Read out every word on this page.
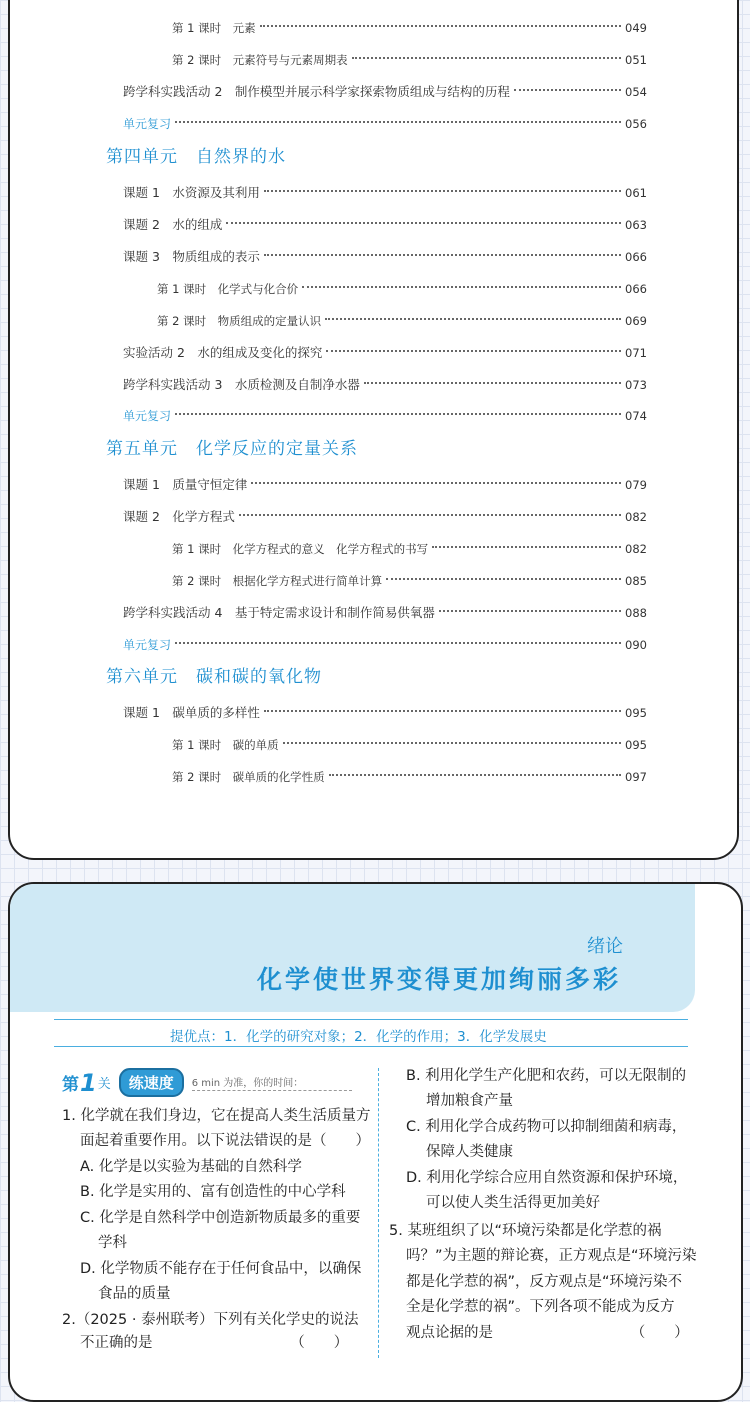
第 1 课时　元素	049
第 2 课时　元素符号与元素周期表	051
跨学科实践活动 2　制作模型并展示科学家探索物质组成与结构的历程	054
单元复习	056
第四单元　自然界的水
课题 1　水资源及其利用	061
课题 2　水的组成	063
课题 3　物质组成的表示	066
第 1 课时　化学式与化合价	066
第 2 课时　物质组成的定量认识	069
实验活动 2　水的组成及变化的探究	071
跨学科实践活动 3　水质检测及自制净水器	073
单元复习	074
第五单元　化学反应的定量关系
课题 1　质量守恒定律	079
课题 2　化学方程式	082
第 1 课时　化学方程式的意义　化学方程式的书写	082
第 2 课时　根据化学方程式进行简单计算	085
跨学科实践活动 4　基于特定需求设计和制作简易供氧器	088
单元复习	090
第六单元　碳和碳的氧化物
课题 1　碳单质的多样性	095
第 1 课时　碳的单质	095
第 2 课时　碳单质的化学性质	097
绪论
化学使世界变得更加绚丽多彩
提优点：1．化学的研究对象；2．化学的作用；3．化学发展史
第 1 关	练速度	6 min 为准，你的时间：
1. 化学就在我们身边，它在提高人类生活质量方
面起着重要作用。以下说法错误的是（　　）
A. 化学是以实验为基础的自然科学
B. 化学是实用的、富有创造性的中心学科
C. 化学是自然科学中创造新物质最多的重要
学科
D. 化学物质不能存在于任何食品中，以确保
食品的质量
2.（2025 · 泰州联考）下列有关化学史的说法
不正确的是　　　　　　　　　　（　　）
B. 利用化学生产化肥和农药，可以无限制的
增加粮食产量
C. 利用化学合成药物可以抑制细菌和病毒，
保障人类健康
D. 利用化学综合应用自然资源和保护环境，
可以使人类生活得更加美好
5. 某班组织了以“环境污染都是化学惹的祸
吗？”为主题的辩论赛，正方观点是“环境污染
都是化学惹的祸”，反方观点是“环境污染不
全是化学惹的祸”。下列各项不能成为反方
观点论据的是　　　　　　　　　　（　　）
